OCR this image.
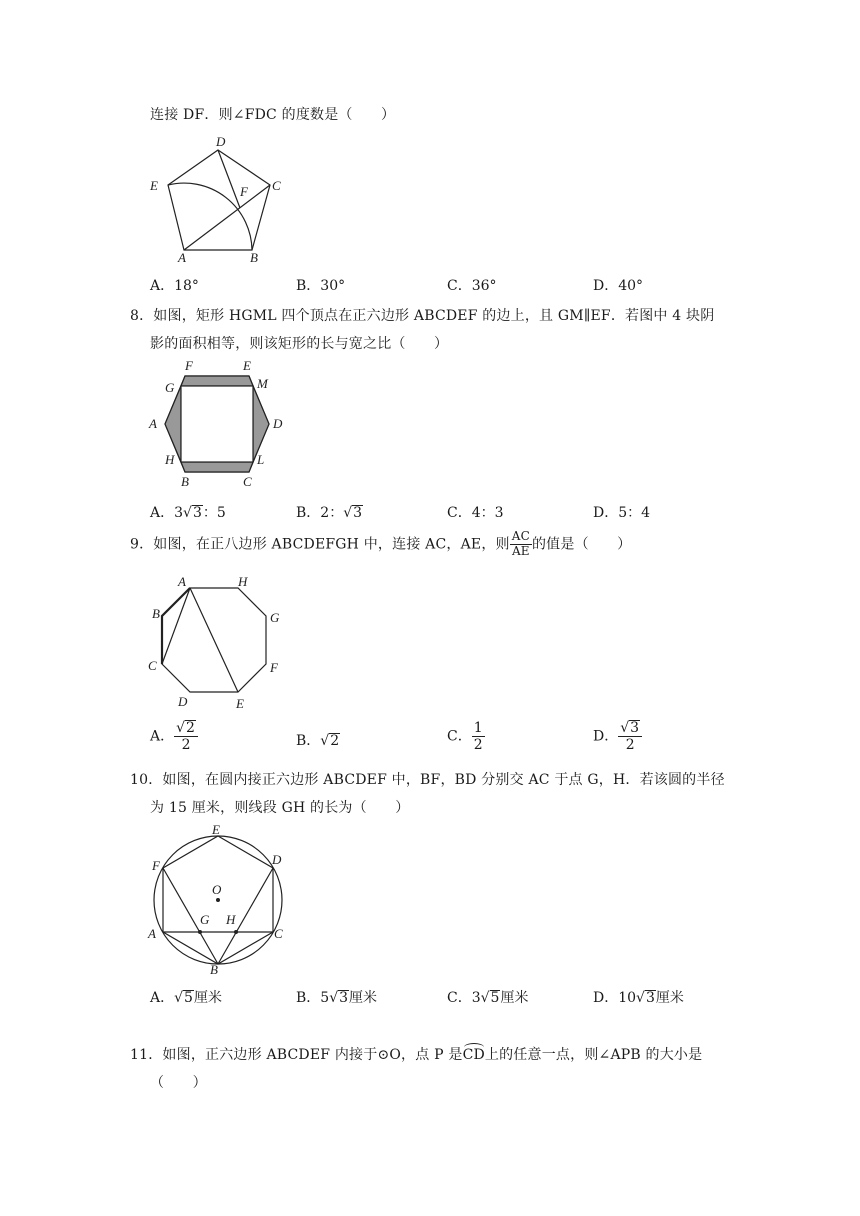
连接 DF．则∠FDC 的度数是（　　）
D
E	C
F
A	B
A．18°	B．30°	C．36°	D．40°
8．如图，矩形 HGML 四个顶点在正六边形 ABCDEF 的边上，且 GM∥EF．若图中 4 块阴
影的面积相等，则该矩形的长与宽之比（　　）
F	E
G	M
A	D
H	L
B	C
A．3√3：5	B．2：√3	C．4：3	D．5：4
9．如图，在正八边形 ABCDEFGH 中，连接 AC，AE，则 $\frac{AC}{AE}$ 的值是（　　）
A	H
B	G
C	F
D	E
A． $\frac{√2}{2}$	B．√2	C． $\frac{1}{2}$	D． $\frac{√3}{2}$
10．如图，在圆内接正六边形 ABCDEF 中，BF，BD 分别交 AC 于点 G，H．若该圆的半径
为 15 厘米，则线段 GH 的长为（　　）
E
F	D
O
G H
A	C
B
A．√5厘米	B．5√3厘米	C．3√5厘米	D．10√3厘米
11．如图，正六边形 ABCDEF 内接于⊙O，点 P 是CD上的任意一点，则∠APB 的大小是
（　　）
